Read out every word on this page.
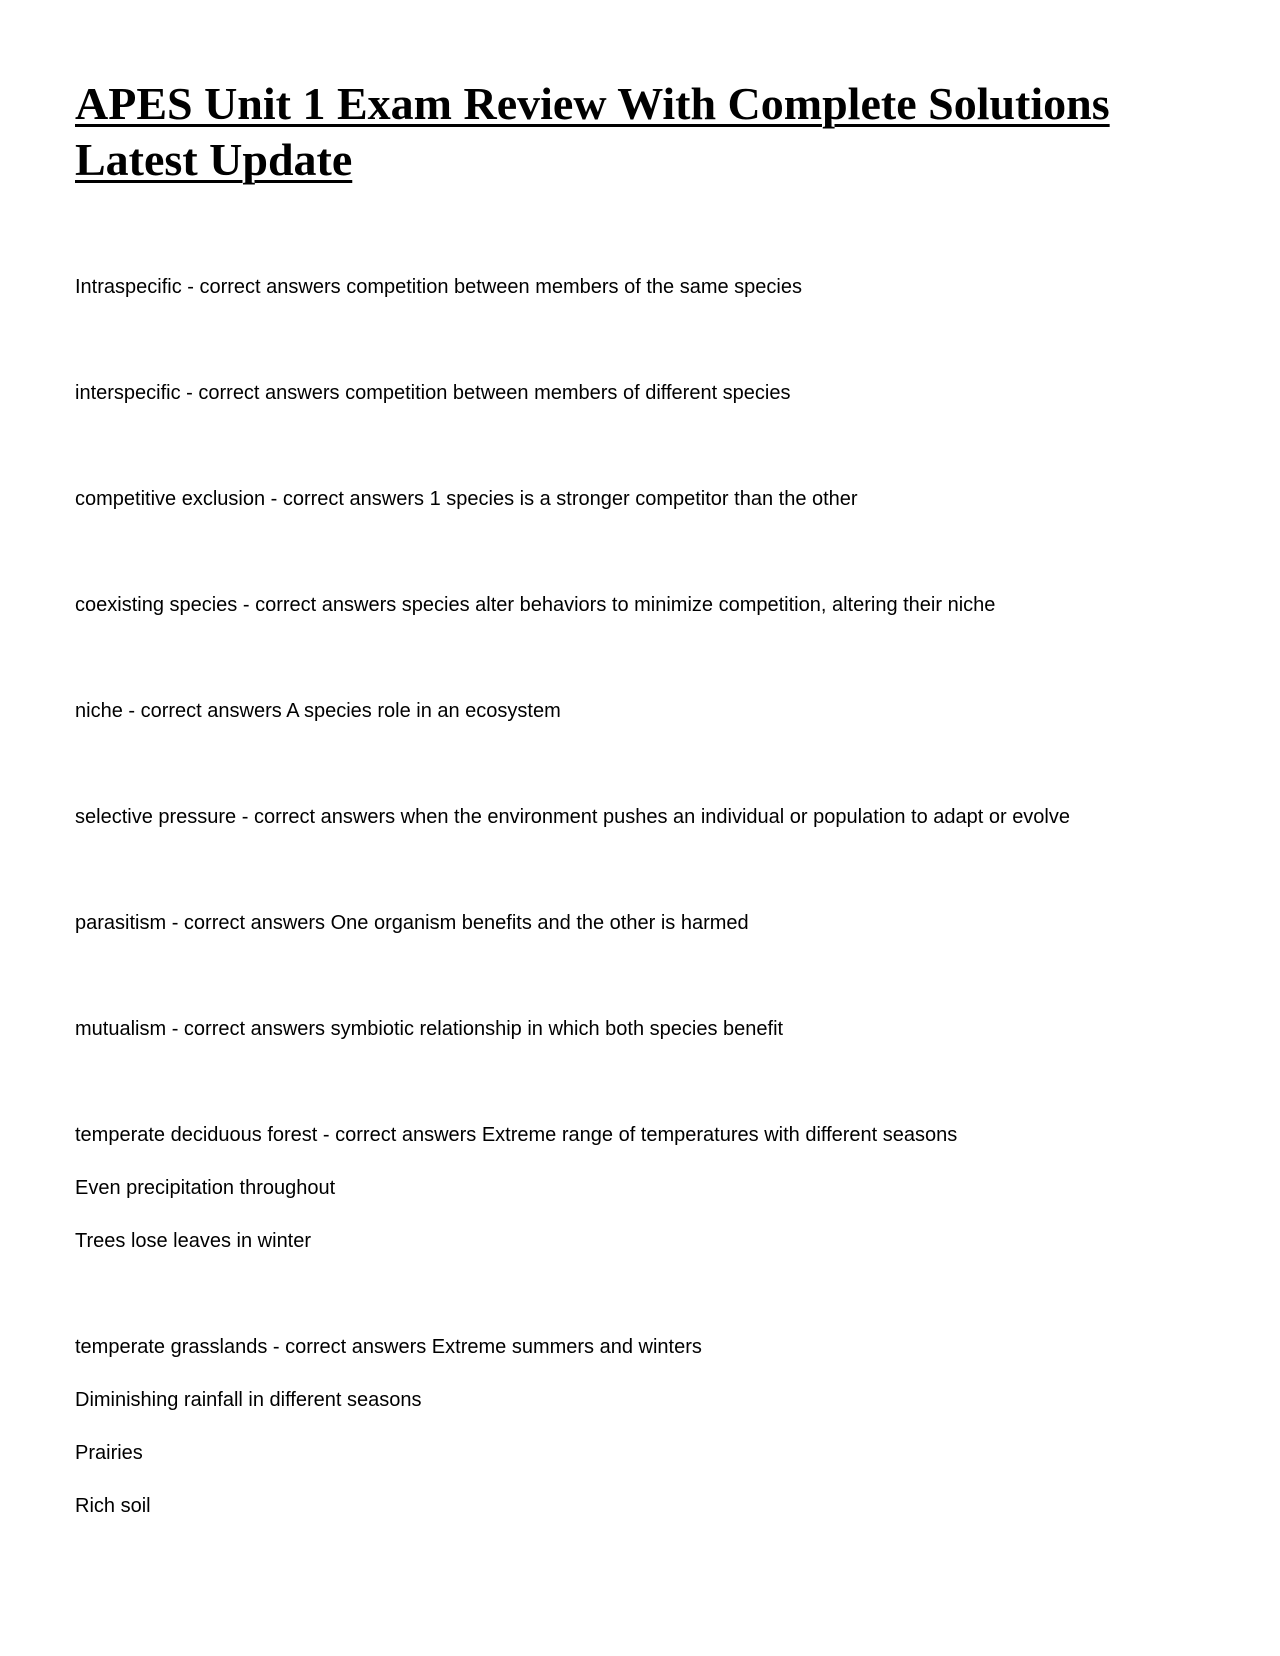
APES Unit 1 Exam Review With Complete Solutions Latest Update

Intraspecific - correct answers competition between members of the same species

interspecific - correct answers competition between members of different species

competitive exclusion - correct answers 1 species is a stronger competitor than the other

coexisting species - correct answers species alter behaviors to minimize competition, altering their niche

niche - correct answers A species role in an ecosystem

selective pressure - correct answers when the environment pushes an individual or population to adapt or evolve

parasitism - correct answers One organism benefits and the other is harmed

mutualism - correct answers symbiotic relationship in which both species benefit

temperate deciduous forest - correct answers Extreme range of temperatures with different seasons

Even precipitation throughout

Trees lose leaves in winter

temperate grasslands - correct answers Extreme summers and winters

Diminishing rainfall in different seasons

Prairies

Rich soil
